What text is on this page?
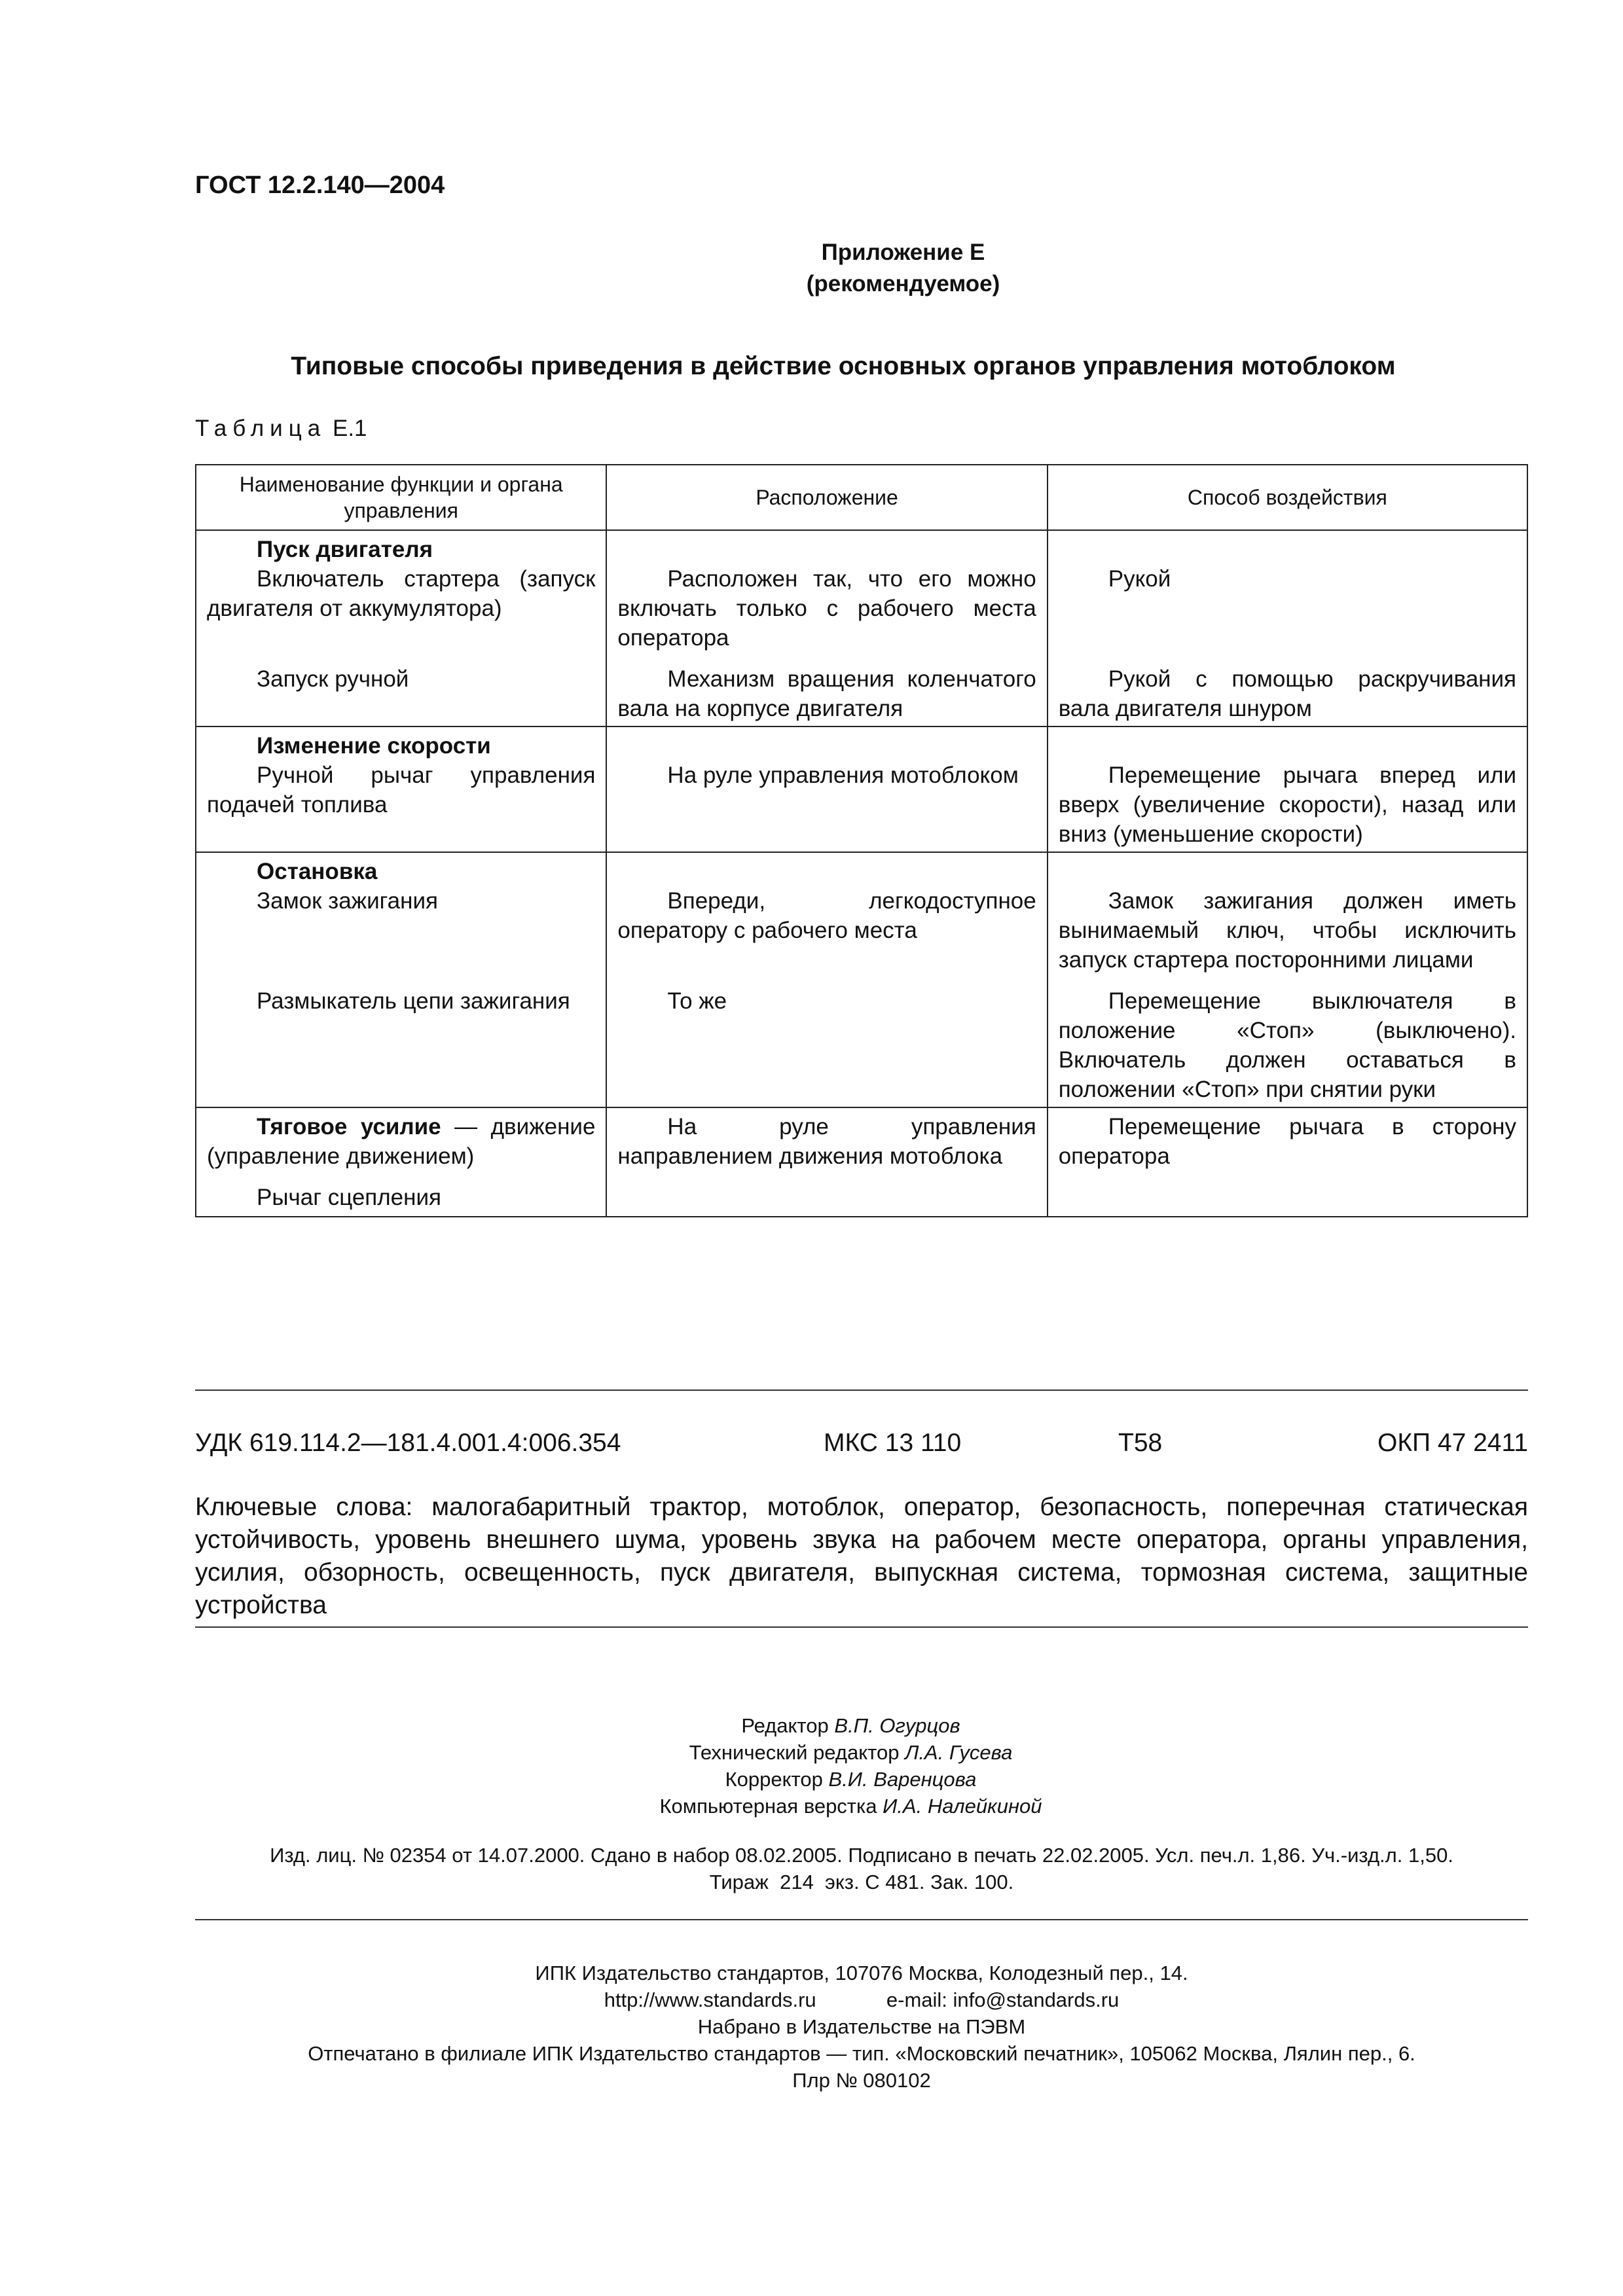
ГОСТ 12.2.140—2004
Приложение Е
(рекомендуемое)
Типовые способы приведения в действие основных органов управления мотоблоком
Таблица Е.1
Наименование функции и органа управления	Расположение	Способ воздействия
Пуск двигателя		
Включатель стартера (запуск двигателя от аккумулятора)	Расположен так, что его можно включать только с рабочего места оператора	Рукой

Запуск ручной	Механизм вращения коленчатого вала на корпусе двигателя	Рукой с помощью раскручивания вала двигателя шнуром
Изменение скорости		
Ручной рычаг управления подачей топлива	На руле управления мотоблоком	Перемещение рычага вперед или вверх (увеличение скорости), назад или вниз (уменьшение скорости)
Остановка		
Замок зажигания	Впереди, легкодоступное оператору с рабочего места	Замок зажигания должен иметь вынимаемый ключ, чтобы исключить запуск стартера посторонними лицами

Размыкатель цепи зажигания	То же	Перемещение выключателя в положение «Стоп» (выключено). Включатель должен оставаться в положении «Стоп» при снятии руки
Тяговое усилие — движение (управление движением)	На руле управления направлением движения мотоблока	Перемещение рычага в сторону оператора

Рычаг сцепления		
УДК 619.114.2—181.4.001.4:006.354	МКС 13 110	Т58	ОКП 47 2411
Ключевые слова: малогабаритный трактор, мотоблок, оператор, безопасность, поперечная статическая устойчивость, уровень внешнего шума, уровень звука на рабочем месте оператора, органы управления, усилия, обзорность, освещенность, пуск двигателя, выпускная система, тормозная система, защитные устройства
Редактор В.П. Огурцов
Технический редактор Л.А. Гусева
Корректор В.И. Варенцова
Компьютерная верстка И.А. Налейкиной
Изд. лиц. № 02354 от 14.07.2000. Сдано в набор 08.02.2005. Подписано в печать 22.02.2005. Усл. печ.л. 1,86. Уч.-изд.л. 1,50.
Тираж  214  экз. С 481. Зак. 100.
ИПК Издательство стандартов, 107076 Москва, Колодезный пер., 14.
http://www.standards.ru	e-mail: info@standards.ru
Набрано в Издательстве на ПЭВМ
Отпечатано в филиале ИПК Издательство стандартов — тип. «Московский печатник», 105062 Москва, Лялин пер., 6.
Плр № 080102
